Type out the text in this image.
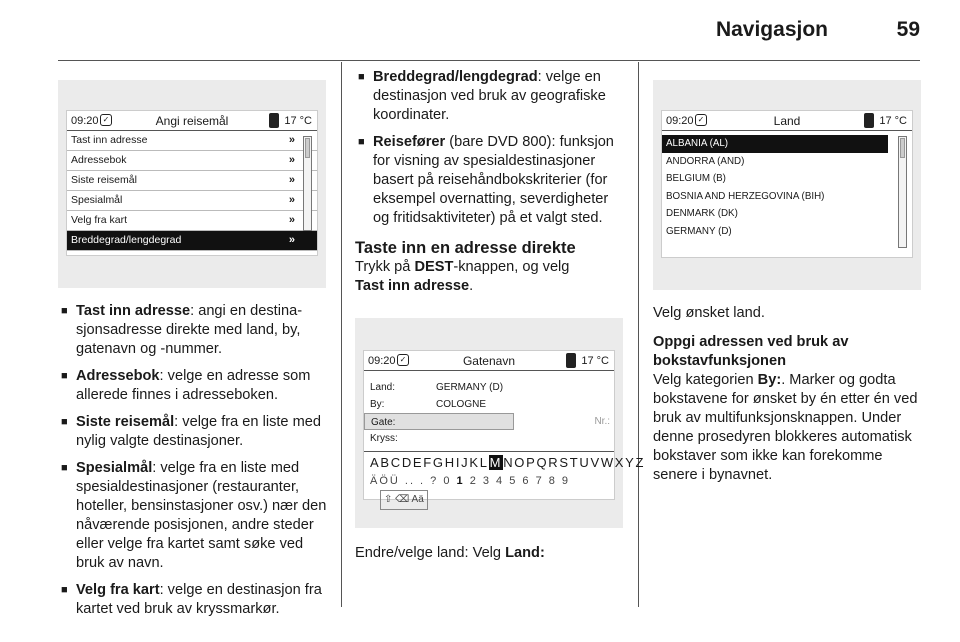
Navigasjon	59
09:20 ✓	Angi reisemål	17 °C
Tast inn adresse	»
Adressebok	»
Siste reisemål	»
Spesialmål	»
Velg fra kart	»
Breddegrad/lengdegrad	»
■ Tast inn adresse: angi en destinasjonsadresse direkte med land, by, gatenavn og -nummer.
■ Adressebok: velge en adresse som allerede finnes i adresseboken.
■ Siste reisemål: velge fra en liste med nylig valgte destinasjoner.
■ Spesialmål: velge fra en liste med spesialdestinasjoner (restauranter, hoteller, bensinstasjoner osv.) nær den nåværende posisjonen, andre steder eller velge fra kartet samt søke ved bruk av navn.
■ Velg fra kart: velge en destinasjon fra kartet ved bruk av kryssmarkør.
■ Breddegrad/lengdegrad: velge en destinasjon ved bruk av geografiske koordinater.
■ Reisefører (bare DVD 800): funksjon for visning av spesialdestinasjoner basert på reisehåndbokskriterier (for eksempel overnatting, severdigheter og fritidsaktiviteter) på et valgt sted.
Taste inn en adresse direkte
Trykk på DEST-knappen, og velg
Tast inn adresse.
09:20 ✓	Gatenavn	17 °C
Land:	GERMANY (D)
By:	COLOGNE
Gate:	Nr.:
Kryss:
ABCDEFGHIJKLMNOPQRSTUVWXYZ
ÄÖÜ .. . ? 0 1 2 3 4 5 6 7 8 9⇧ ⌫ Aä
Endre/velge land: Velg Land:
09:20 ✓	Land	17 °C
ALBANIA (AL)
ANDORRA (AND)
BELGIUM (B)
BOSNIA AND HERZEGOVINA (BIH)
DENMARK (DK)
GERMANY (D)
Velg ønsket land.
Oppgi adressen ved bruk av bokstavfunksjonen
Velg kategorien By:. Marker og godta bokstavene for ønsket by én etter én ved bruk av multifunksjonsknappen. Under denne prosedyren blokkeres automatisk bokstaver som ikke kan forekomme senere i bynavnet.
